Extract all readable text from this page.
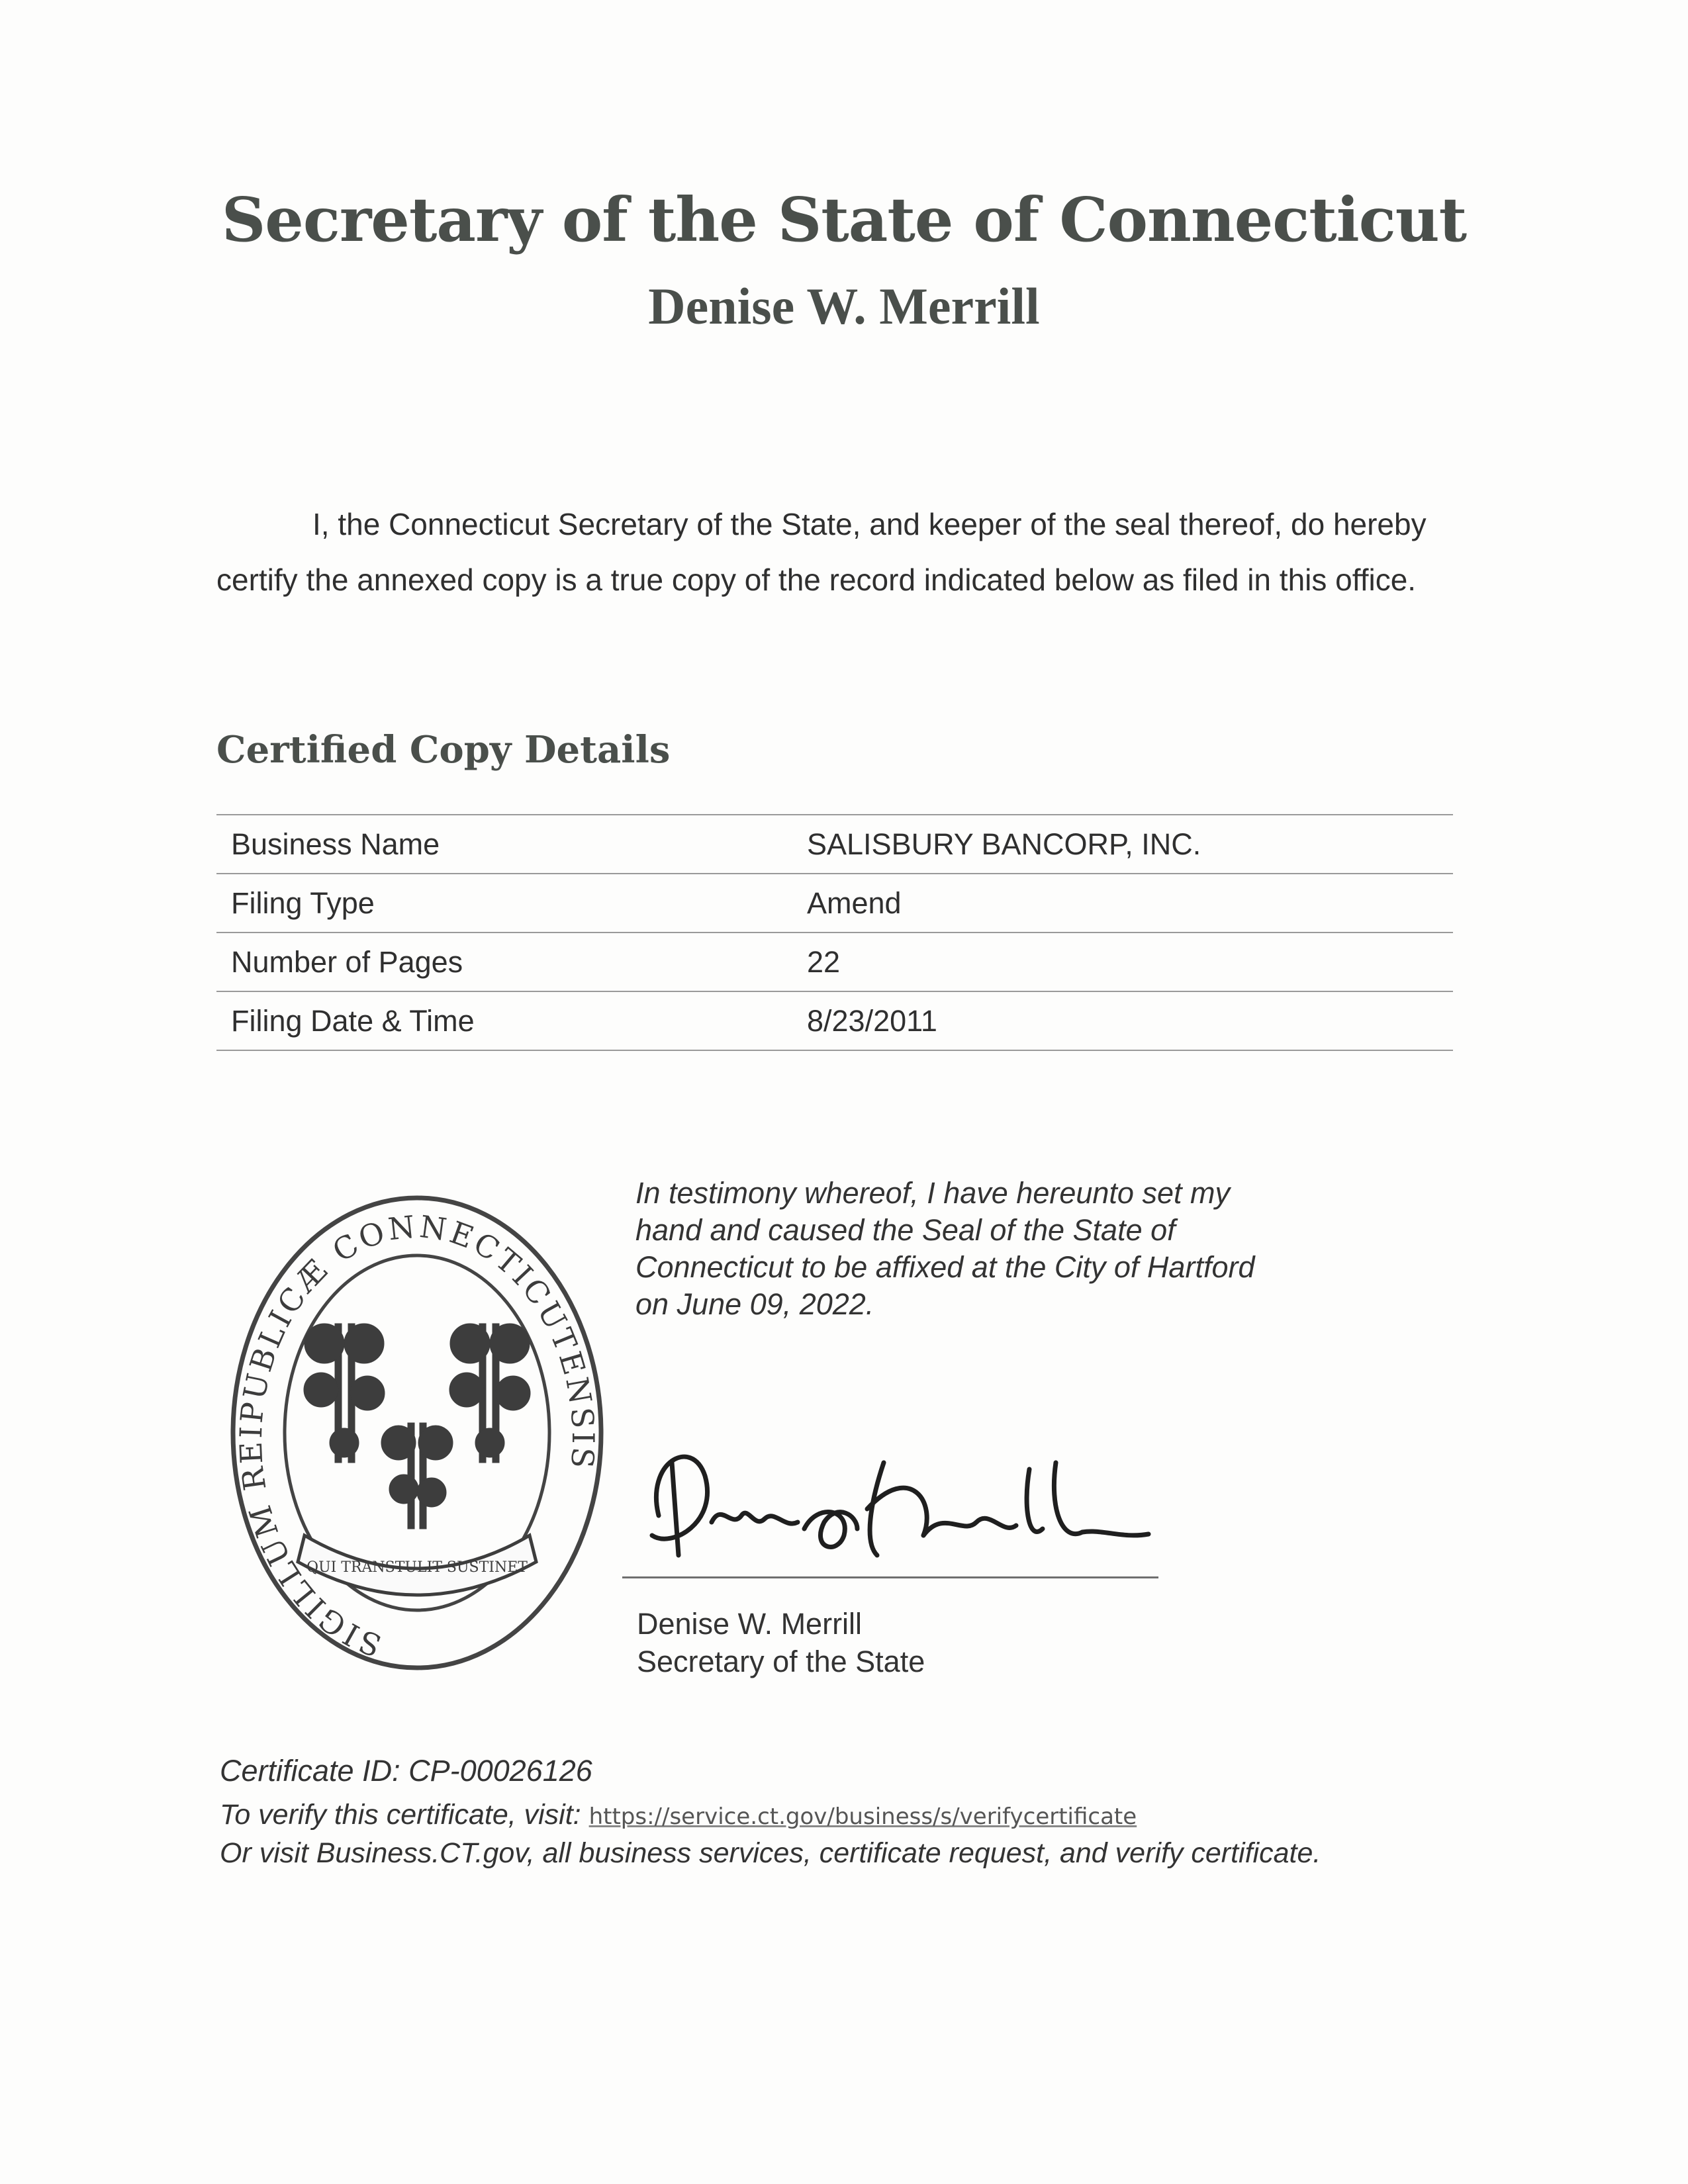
Secretary of the State of Connecticut
Denise W. Merrill

I, the Connecticut Secretary of the State, and keeper of the seal thereof, do hereby certify the annexed copy is a true copy of the record indicated below as filed in this office.

Certified Copy Details
Business Name	SALISBURY BANCORP, INC.
Filing Type	Amend
Number of Pages	22
Filing Date & Time	8/23/2011
SIGILLUM REIPUBLICÆ CONNECTICUTENSIS
QUI TRANSTULIT SUSTINET
In testimony whereof, I have hereunto set my
hand and caused the Seal of the State of
Connecticut to be affixed at the City of Hartford
on June 09, 2022.
Denise W. Merrill
Denise W. Merrill
Secretary of the State

Certificate ID: CP-00026126

To verify this certificate, visit: https://service.ct.gov/business/s/verifycertificate

Or visit Business.CT.gov, all business services, certificate request, and verify certificate.
